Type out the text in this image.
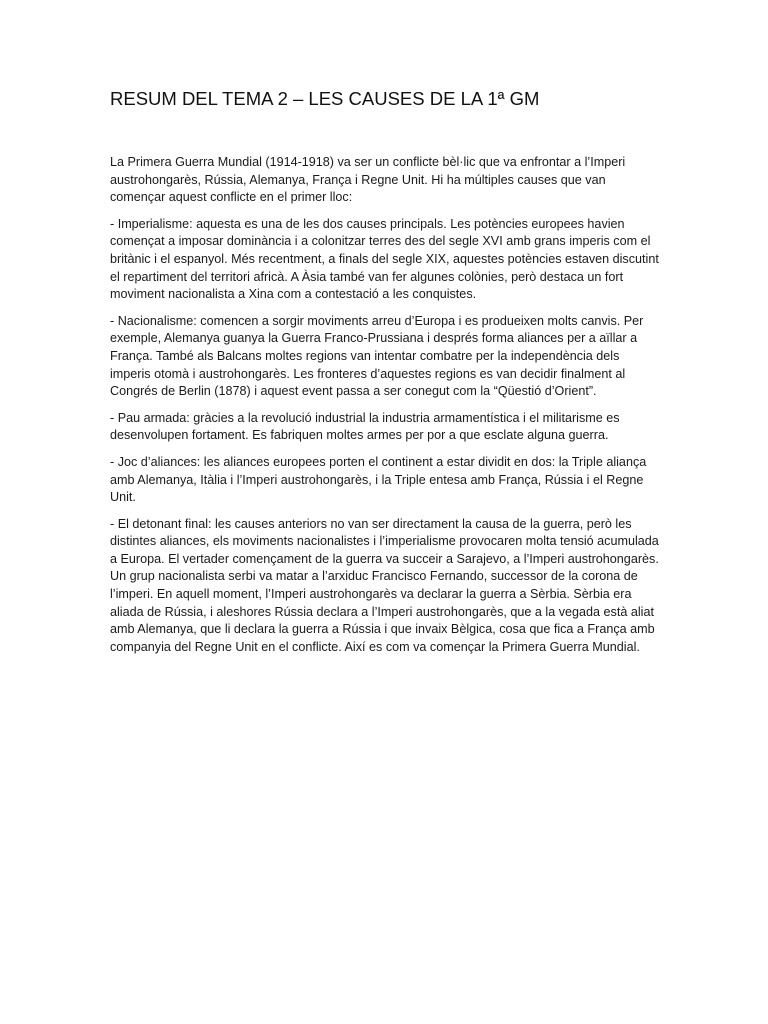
RESUM DEL TEMA 2 – LES CAUSES DE LA 1ª GM

La Primera Guerra Mundial (1914-1918) va ser un conflicte bèl·lic que va enfrontar a l’Imperi austrohongarès, Rússia, Alemanya, França i Regne Unit. Hi ha múltiples causes que van començar aquest conflicte en el primer lloc:

- Imperialisme: aquesta es una de les dos causes principals. Les potències europees havien començat a imposar dominància i a colonitzar terres des del segle XVI amb grans imperis com el britànic i el espanyol. Més recentment, a finals del segle XIX, aquestes potències estaven discutint el repartiment del territori africà. A Àsia també van fer algunes colònies, però destaca un fort moviment nacionalista a Xina com a contestació a les conquistes.

- Nacionalisme: comencen a sorgir moviments arreu d’Europa i es produeixen molts canvis. Per exemple, Alemanya guanya la Guerra Franco-Prussiana i després forma aliances per a aïllar a França. També als Balcans moltes regions van intentar combatre per la independència dels imperis otomà i austrohongarès. Les fronteres d’aquestes regions es van decidir finalment al Congrés de Berlin (1878) i aquest event passa a ser conegut com la “Qüestió d’Orient”.

- Pau armada: gràcies a la revolució industrial la industria armamentística i el militarisme es desenvolupen fortament. Es fabriquen moltes armes per por a que esclate alguna guerra.

- Joc d’aliances: les aliances europees porten el continent a estar dividit en dos: la Triple aliança amb Alemanya, Itàlia i l’Imperi austrohongarès, i la Triple entesa amb França, Rússia i el Regne Unit.

- El detonant final: les causes anteriors no van ser directament la causa de la guerra, però les distintes aliances, els moviments nacionalistes i l’imperialisme provocaren molta tensió acumulada a Europa. El vertader començament de la guerra va succeir a Sarajevo, a l’Imperi austrohongarès. Un grup nacionalista serbi va matar a l’arxiduc Francisco Fernando, successor de la corona de l’imperi. En aquell moment, l’Imperi austrohongarès va declarar la guerra a Sèrbia. Sèrbia era aliada de Rússia, i aleshores Rússia declara a l’Imperi austrohongarès, que a la vegada està aliat amb Alemanya, que li declara la guerra a Rússia i que invaix Bèlgica, cosa que fica a França amb companyia del Regne Unit en el conflicte. Així es com va començar la Primera Guerra Mundial.
